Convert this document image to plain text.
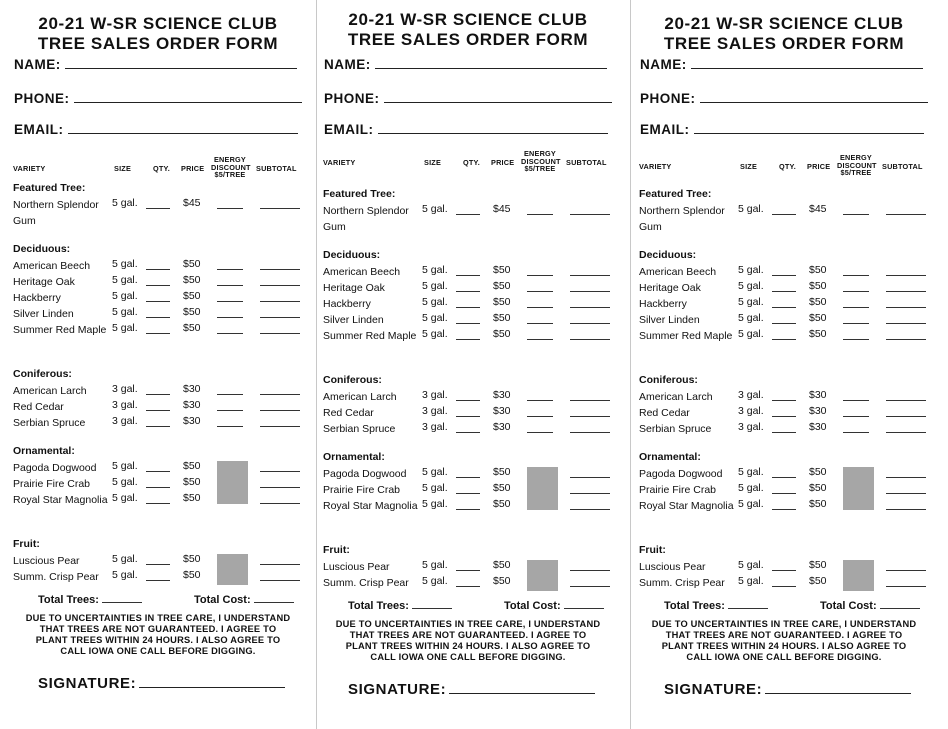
20-21 W-SR SCIENCE CLUB
TREE SALES ORDER FORM
NAME:
PHONE:
EMAIL:
VARIETY	SIZE	QTY. PRICE
ENERGY
DISCOUNT
$5/TREE
SUBTOTAL
Featured Tree:
Northern Splendor Gum
5 gal.	$45
Deciduous:
American Beech	5 gal.	$50
Heritage Oak	5 gal.	$50
Hackberry	5 gal.	$50
Silver Linden	5 gal.	$50
Summer Red Maple 5 gal.	$50
Coniferous:
American Larch	3 gal.	$30
Red Cedar	3 gal.	$30
Serbian Spruce	3 gal.	$30
Ornamental:
Pagoda Dogwood	5 gal.	$50
Prairie Fire Crab	5 gal.	$50
Royal Star Magnolia 5 gal.	$50
Fruit:
Luscious Pear	5 gal.	$50
Summ. Crisp Pear	5 gal.	$50
Total Trees:	Total Cost:
DUE TO UNCERTAINTIES IN TREE CARE, I UNDERSTAND
THAT TREES ARE NOT GUARANTEED. I AGREE TO
PLANT TREES WITHIN 24 HOURS. I ALSO AGREE TO
CALL IOWA ONE CALL BEFORE DIGGING.
SIGNATURE:
20-21 W-SR SCIENCE CLUB
TREE SALES ORDER FORM
NAME:
PHONE:
EMAIL:
VARIETY	SIZE	QTY. PRICE
ENERGY
DISCOUNT
$5/TREE
SUBTOTAL
Featured Tree:
Northern Splendor Gum
5 gal.	$45
Deciduous:
American Beech	5 gal.	$50
Heritage Oak	5 gal.	$50
Hackberry	5 gal.	$50
Silver Linden	5 gal.	$50
Summer Red Maple 5 gal.	$50
Coniferous:
American Larch	3 gal.	$30
Red Cedar	3 gal.	$30
Serbian Spruce	3 gal.	$30
Ornamental:
Pagoda Dogwood	5 gal.	$50
Prairie Fire Crab	5 gal.	$50
Royal Star Magnolia 5 gal.	$50
Fruit:
Luscious Pear	5 gal.	$50
Summ. Crisp Pear	5 gal.	$50
Total Trees:	Total Cost:
DUE TO UNCERTAINTIES IN TREE CARE, I UNDERSTAND
THAT TREES ARE NOT GUARANTEED. I AGREE TO
PLANT TREES WITHIN 24 HOURS. I ALSO AGREE TO
CALL IOWA ONE CALL BEFORE DIGGING.
SIGNATURE:
20-21 W-SR SCIENCE CLUB
TREE SALES ORDER FORM
NAME:
PHONE:
EMAIL:
VARIETY	SIZE	QTY. PRICE
ENERGY
DISCOUNT
$5/TREE
SUBTOTAL
Featured Tree:
Northern Splendor Gum
5 gal.	$45
Deciduous:
American Beech	5 gal.	$50
Heritage Oak	5 gal.	$50
Hackberry	5 gal.	$50
Silver Linden	5 gal.	$50
Summer Red Maple 5 gal.	$50
Coniferous:
American Larch	3 gal.	$30
Red Cedar	3 gal.	$30
Serbian Spruce	3 gal.	$30
Ornamental:
Pagoda Dogwood	5 gal.	$50
Prairie Fire Crab	5 gal.	$50
Royal Star Magnolia 5 gal.	$50
Fruit:
Luscious Pear	5 gal.	$50
Summ. Crisp Pear	5 gal.	$50
Total Trees:	Total Cost:
DUE TO UNCERTAINTIES IN TREE CARE, I UNDERSTAND
THAT TREES ARE NOT GUARANTEED. I AGREE TO
PLANT TREES WITHIN 24 HOURS. I ALSO AGREE TO
CALL IOWA ONE CALL BEFORE DIGGING.
SIGNATURE:
